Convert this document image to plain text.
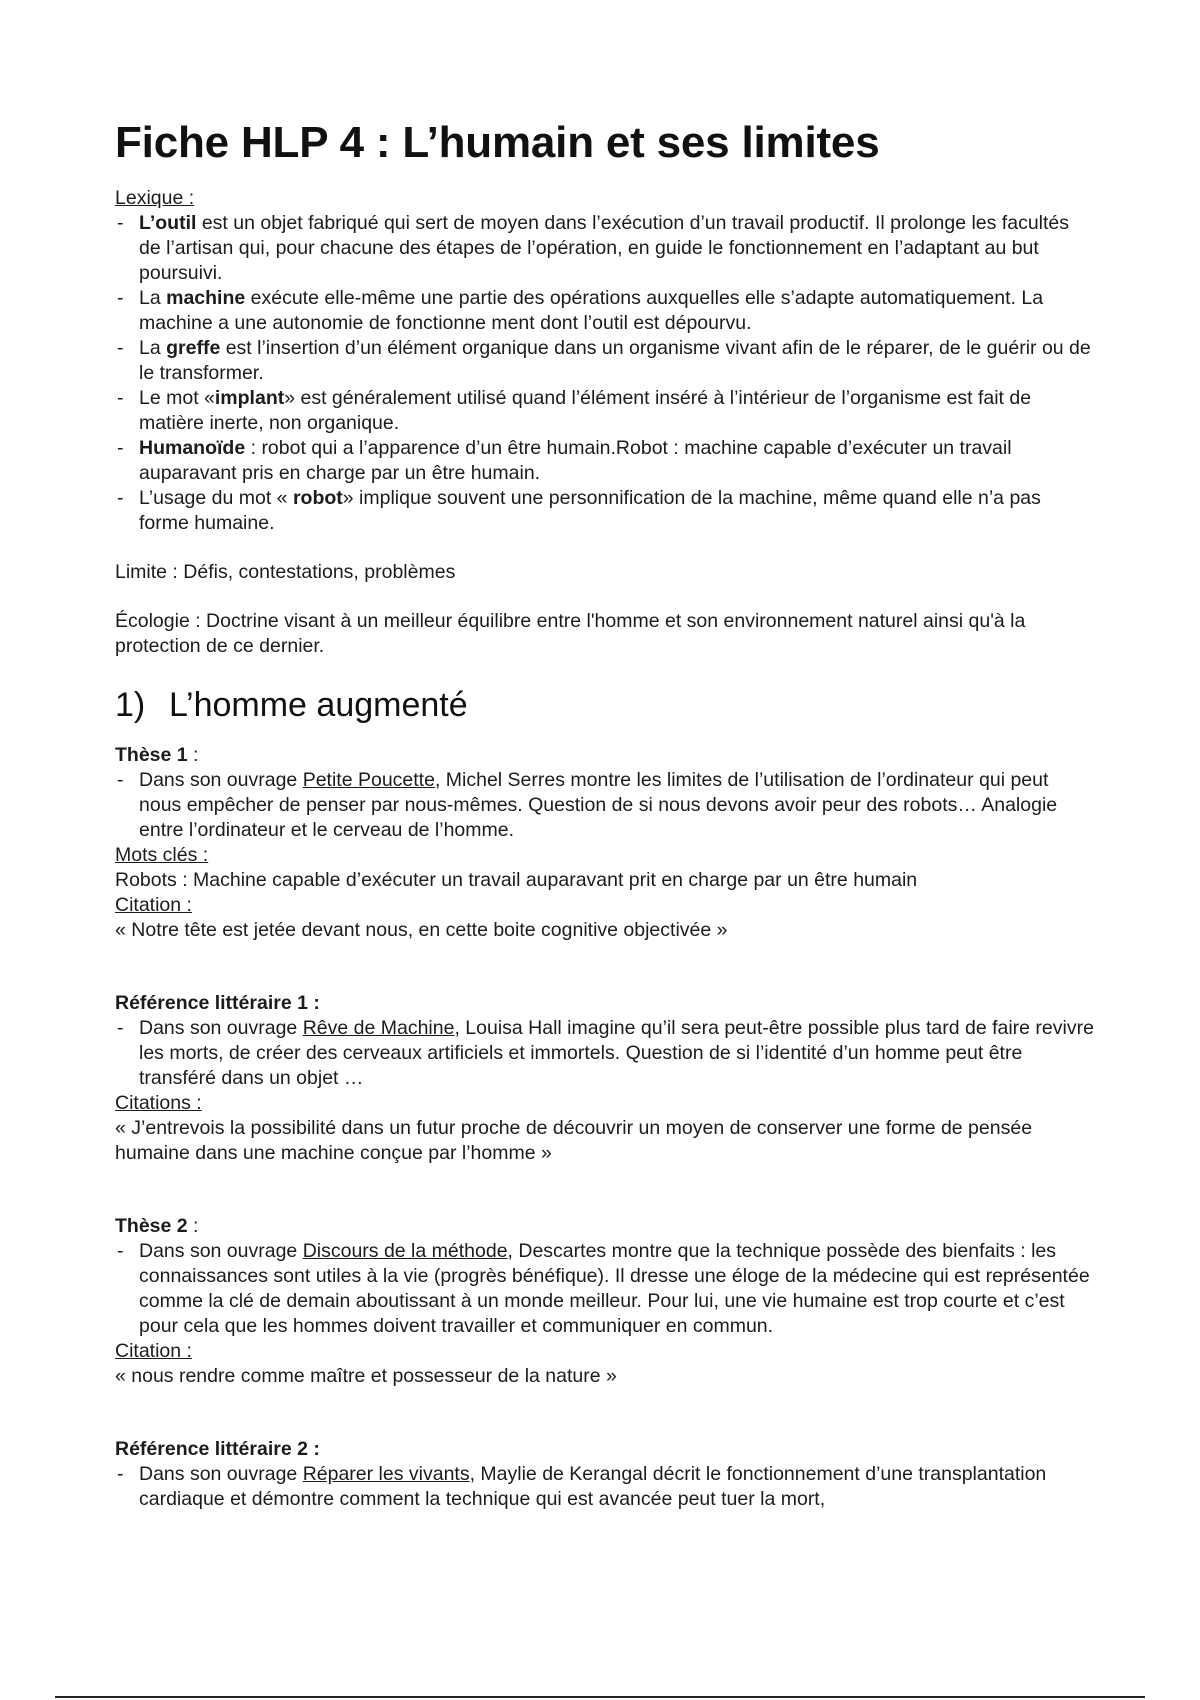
Fiche HLP 4 : L’humain et ses limites

Lexique :

- L’outil est un objet fabriqué qui sert de moyen dans l’exécution d’un travail productif. Il prolonge les facultés de l’artisan qui, pour chacune des étapes de l’opération, en guide le fonctionnement en l’adaptant au but poursuivi.
- La machine exécute elle-même une partie des opérations auxquelles elle s’adapte automatiquement. La machine a une autonomie de fonctionne ment dont l’outil est dépourvu.
- La greffe est l’insertion d’un élément organique dans un organisme vivant afin de le réparer, de le guérir ou de le transformer.
- Le mot «implant» est généralement utilisé quand l’élément inséré à l’intérieur de l’organisme est fait de matière inerte, non organique.
- Humanoïde : robot qui a l’apparence d’un être humain.Robot : machine capable d’exécuter un travail auparavant pris en charge par un être humain.
- L’usage du mot « robot» implique souvent une personnification de la machine, même quand elle n’a pas forme humaine.

Limite : Défis, contestations, problèmes

Écologie : Doctrine visant à un meilleur équilibre entre l'homme et son environnement naturel ainsi qu'à la protection de ce dernier.

1) L’homme augmenté

Thèse 1 :

- Dans son ouvrage Petite Poucette, Michel Serres montre les limites de l’utilisation de l’ordinateur qui peut nous empêcher de penser par nous-mêmes. Question de si nous devons avoir peur des robots… Analogie entre l’ordinateur et le cerveau de l’homme.

Mots clés :

Robots : Machine capable d’exécuter un travail auparavant prit en charge par un être humain

Citation :

« Notre tête est jetée devant nous, en cette boite cognitive objectivée »

Référence littéraire 1 :

- Dans son ouvrage Rêve de Machine, Louisa Hall imagine qu’il sera peut-être possible plus tard de faire revivre les morts, de créer des cerveaux artificiels et immortels. Question de si l’identité d’un homme peut être transféré dans un objet …

Citations :

« J’entrevois la possibilité dans un futur proche de découvrir un moyen de conserver une forme de pensée humaine dans une machine conçue par l’homme »

Thèse 2 :

- Dans son ouvrage Discours de la méthode, Descartes montre que la technique possède des bienfaits : les connaissances sont utiles à la vie (progrès bénéfique). Il dresse une éloge de la médecine qui est représentée comme la clé de demain aboutissant à un monde meilleur. Pour lui, une vie humaine est trop courte et c’est pour cela que les hommes doivent travailler et communiquer en commun.

Citation :

« nous rendre comme maître et possesseur de la nature »

Référence littéraire 2 :

- Dans son ouvrage Réparer les vivants, Maylie de Kerangal décrit le fonctionnement d’une transplantation cardiaque et démontre comment la technique qui est avancée peut tuer la mort,
